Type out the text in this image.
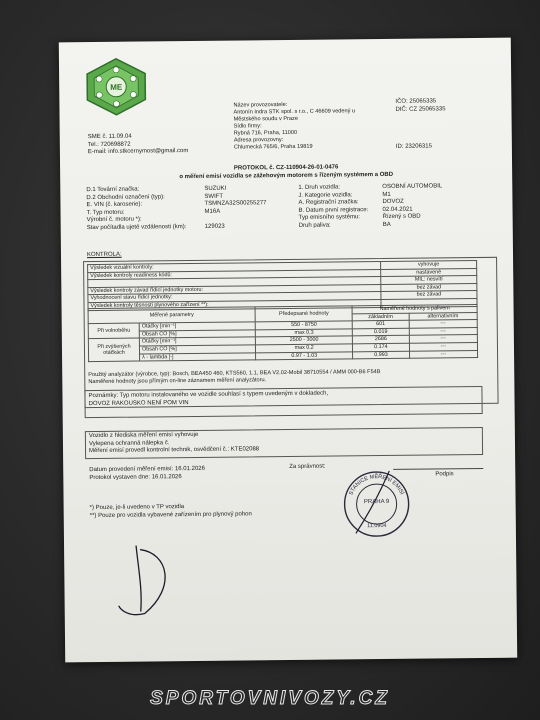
ME
SME č. 11.09.04
Tel.: 720698872
E-mail: info.stkcernymost@gmail.com
Název provozovatele:
Antonín Indra STK spol. s r.o., C 46609 vedený u
Městského soudu v Praze
Sídlo firmy:
Rybná 716, Praha, 11000
Adresa provozovny:
Chlumecká 765/6, Praha 19819
IČO: 25065335
DIČ: CZ 25065335
ID: 23206315
PROTOKOL č. CZ-110904-26-01-0476
o měření emisí vozidla se zážehovým motorem s řízeným systémem a OBD
D.1 Tovární značka:	SUZUKI
D.2 Obchodní označení (typ):	SWIFT
E. VIN (č. karoserie):	TSMNZA32S00255277
T. Typ motoru:	M16A
Výrobní č. motoru *):
Stav počítadla ujeté vzdálenosti (km):	129023
1. Druh vozidla:	OSOBNÍ AUTOMOBIL
J. Kategorie vozidla:	M1
A. Registrační značka:	DOVOZ
B. Datum první registrace:	02.04.2021
Typ emisního systému:	Řízený s OBD
Druh paliva:	BA
KONTROLA:
Výsledek vizuální kontroly:	vyhovuje
Výsledek kontroly readiness kódů:	nastavené
	MIL: nesvítí
Výsledek kontroly závad řídicí jednotky motoru:	bez závad
Vyhodnocení stavu řídicí jednotky:	bez závad
Výsledek kontroly těsnosti plynového zařízení **):	
Měřené parametry		Předepsané hodnoty	Naměřené hodnoty s palivem	
			základním	alternativním
Při volnoběhu	Otáčky [min⁻¹]	550 - 8750	601	---
	Obsah CO [%]	max 0,3	0.019	---

Při zvýšených
otáčkách	Otáčky [min⁻¹]	2500 - 3000	2686	---
	Obsah CO [%]	max 0,2	0.174	---
	λ - lambda [-]	0.97 - 1.03	0.993	---
Použitý analyzátor (výrobce, typ): Bosch, BEA450 460, KTS560, 1.1, BEA V2.02-Mobil 38710554 / AMM 000-B6 F54B
Naměřené hodnoty jsou přímým on-line záznamem měření analyzátoru.
Poznámky: Typ motoru instalovaného ve vozidle souhlasí s typem uvedeným v dokladech,
DOVOZ RAKOUSKO NENÍ POM VIN
Vozidlo z hlediska měření emisí vyhovuje
Vylepena ochranná nálepka č.
Měření emisí provedl kontrolní technik, osvědčení č.: KTE02088
Datum provedení měření emisí: 16.01.2026
Protokol vystaven dne: 16.01.2026
Za správnost:
Podpis
*) Pouze, je-li uvedeno v TP vozidla
**) Pouze pro vozidla vybavené zařízením pro plynový pohon
STANICE MĚŘENÍ EMISÍ
PRAHA 9
11.0904
SPORTOVNIVOZY.CZ
